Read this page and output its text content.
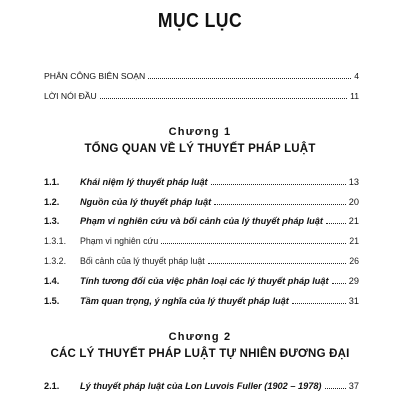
MỤC LỤC
PHÂN CÔNG BIÊN SOẠN	4
LỜI NÓI ĐẦU	11
Chương 1
TỔNG QUAN VỀ LÝ THUYẾT PHÁP LUẬT
1.1.	Khái niệm lý thuyết pháp luật	13
1.2.	Nguồn của lý thuyết pháp luật	20
1.3.	Phạm vi nghiên cứu và bối cảnh của lý thuyết pháp luật	21
1.3.1.	Phạm vi nghiên cứu	21
1.3.2.	Bối cảnh của lý thuyết pháp luật	26
1.4.	Tính tương đối của việc phân loại các lý thuyết pháp luật 29
1.5.	Tầm quan trọng, ý nghĩa của lý thuyết pháp luật	31
Chương 2
CÁC LÝ THUYẾT PHÁP LUẬT TỰ NHIÊN ĐƯƠNG ĐẠI
2.1.	Lý thuyết pháp luật của Lon Luvois Fuller (1902 – 1978)	37
